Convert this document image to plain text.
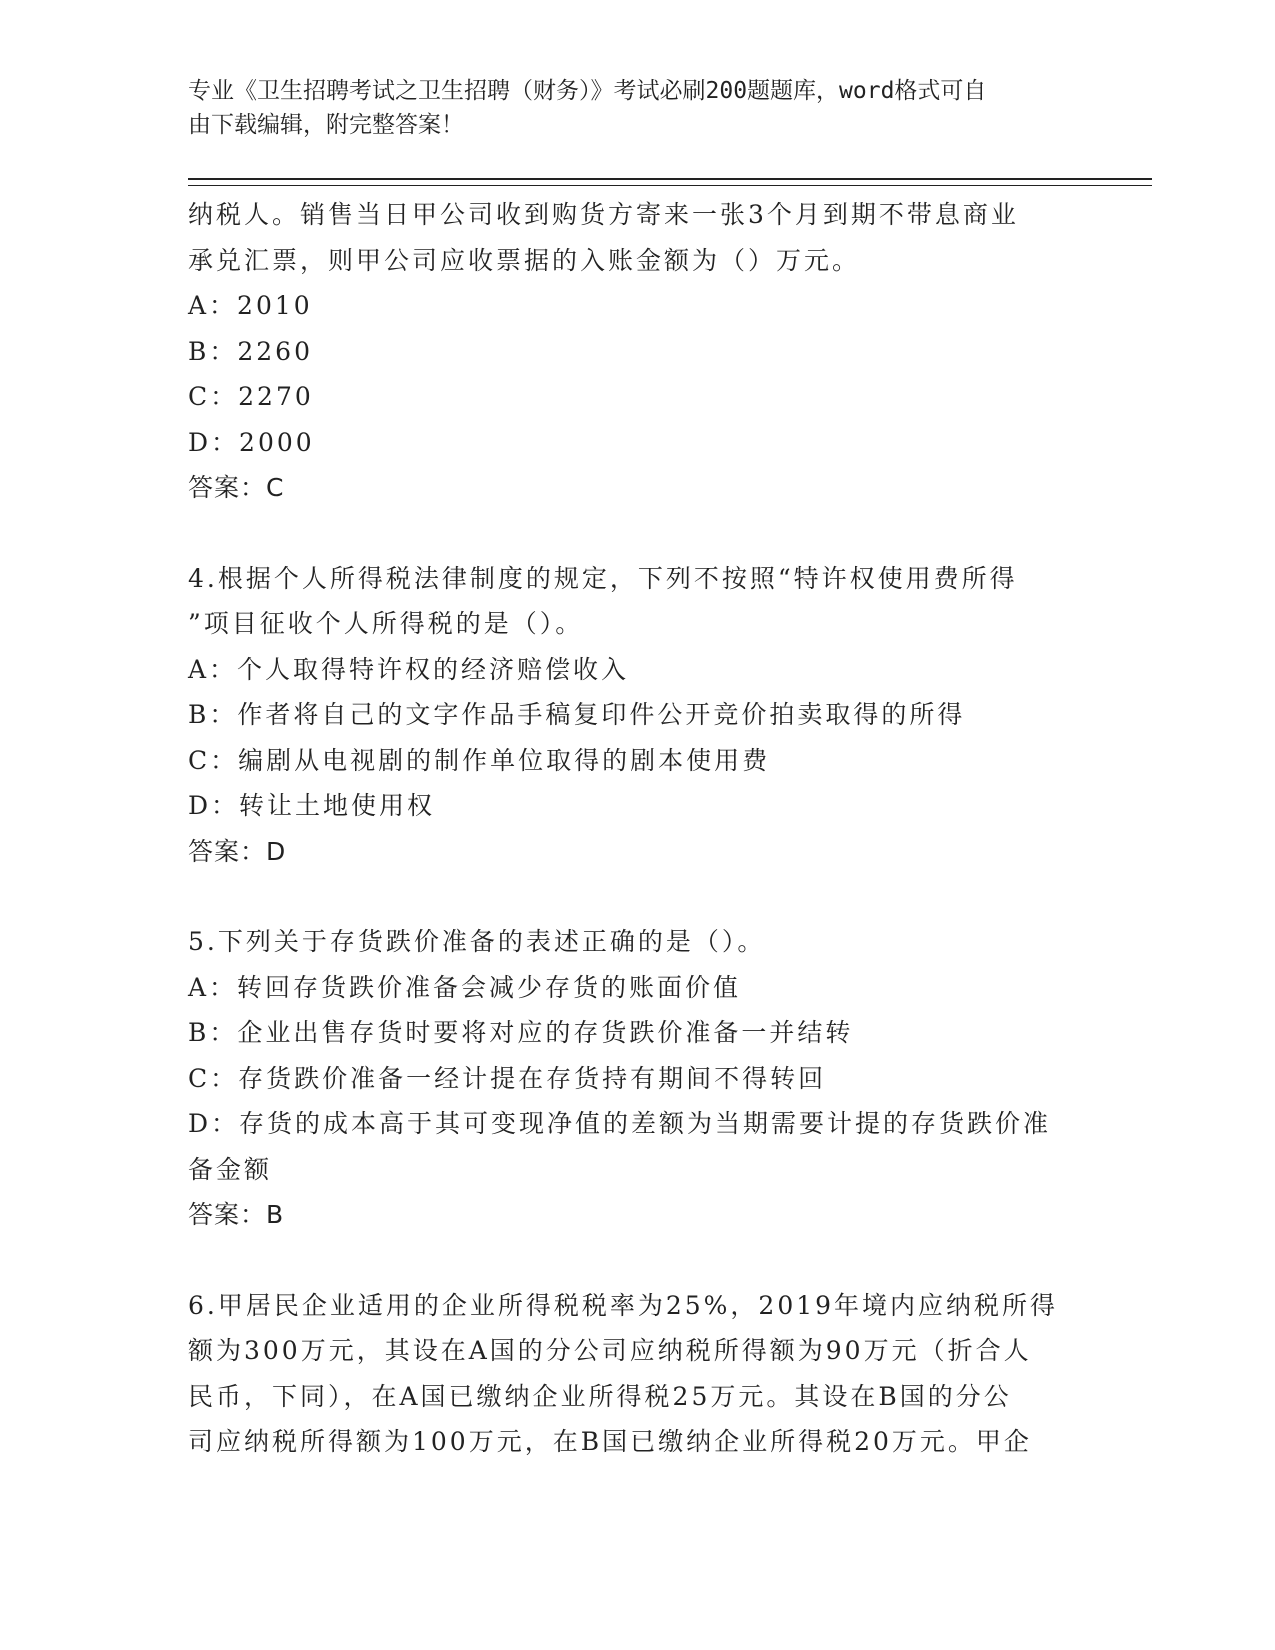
专业《卫生招聘考试之卫生招聘（财务）》考试必刷200题题库，word格式可自
由下载编辑，附完整答案！
纳税人。销售当日甲公司收到购货方寄来一张3个月到期不带息商业
承兑汇票，则甲公司应收票据的入账金额为（）万元。
A：2010
B：2260
C：2270
D：2000
答案：C
4.根据个人所得税法律制度的规定，下列不按照“特许权使用费所得
”项目征收个人所得税的是（）。
A：个人取得特许权的经济赔偿收入
B：作者将自己的文字作品手稿复印件公开竞价拍卖取得的所得
C：编剧从电视剧的制作单位取得的剧本使用费
D：转让土地使用权
答案：D
5.下列关于存货跌价准备的表述正确的是（）。
A：转回存货跌价准备会减少存货的账面价值
B：企业出售存货时要将对应的存货跌价准备一并结转
C：存货跌价准备一经计提在存货持有期间不得转回
D：存货的成本高于其可变现净值的差额为当期需要计提的存货跌价准
备金额
答案：B
6.甲居民企业适用的企业所得税税率为25%，2019年境内应纳税所得
额为300万元，其设在A国的分公司应纳税所得额为90万元（折合人
民币，下同），在A国已缴纳企业所得税25万元。其设在B国的分公
司应纳税所得额为100万元，在B国已缴纳企业所得税20万元。甲企
